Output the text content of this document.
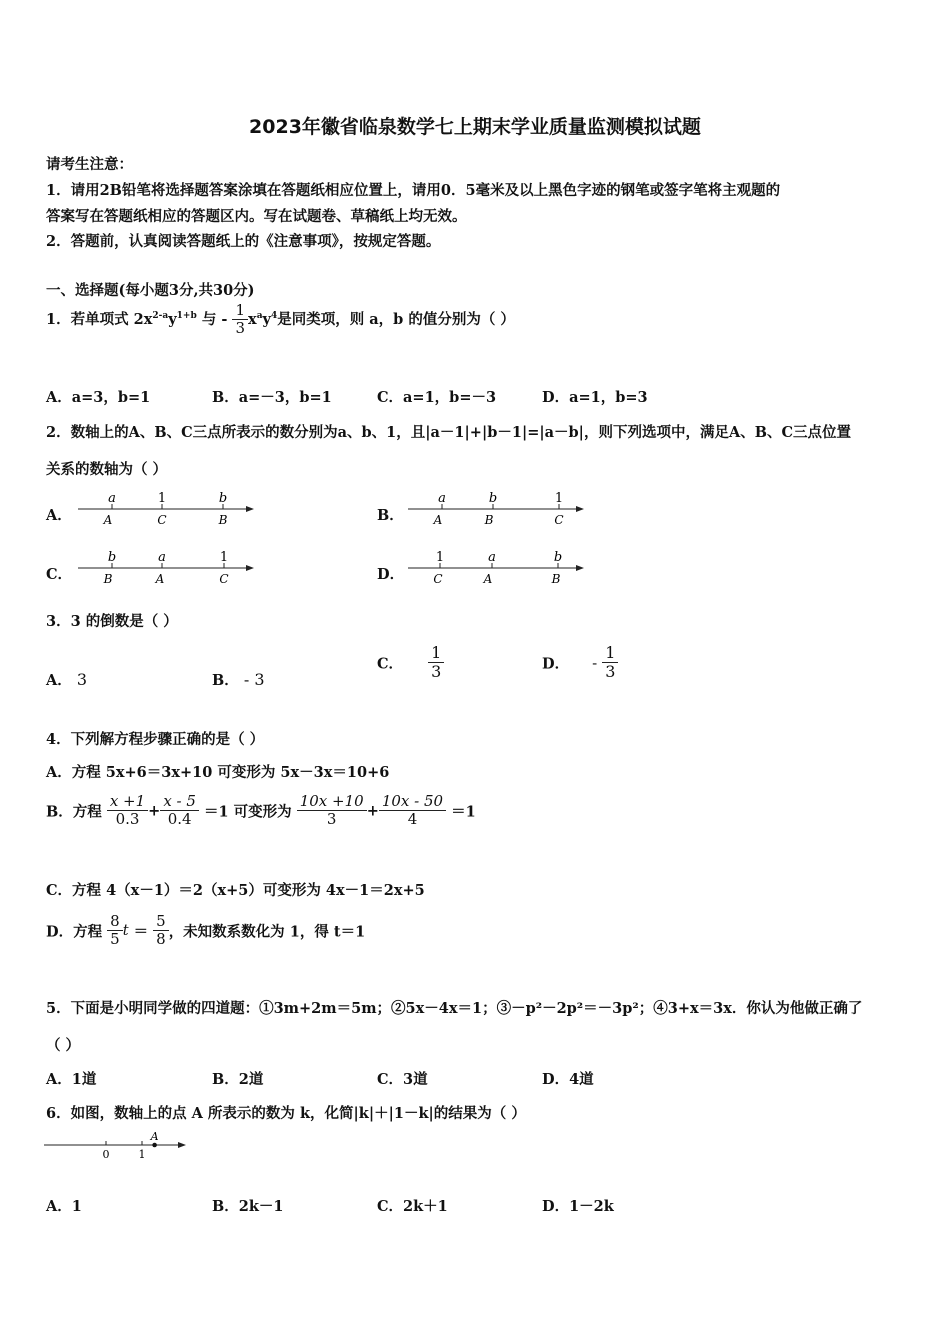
2023年徽省临泉数学七上期末学业质量监测模拟试题
请考生注意：
1．请用2B铅笔将选择题答案涂填在答题纸相应位置上，请用0．5毫米及以上黑色字迹的钢笔或签字笔将主观题的
答案写在答题纸相应的答题区内。写在试题卷、草稿纸上均无效。
2．答题前，认真阅读答题纸上的《注意事项》，按规定答题。
一、选择题(每小题3分,共30分)
1．若单项式 $2x^{2-a}y^{1+b}$ 与 - $\frac{1}{3} x^ay^4$是同类项，则 a，b 的值分别为（ ）
A．a=3，b=1	B．a=－3，b=1	C．a=1，b=－3	D．a=1，b=3
2．数轴上的A、B、C三点所表示的数分别为a、b、1，且|a－1|+|b－1|=|a－b|，则下列选项中，满足A、B、C三点位置
关系的数轴为（ ）
A．	B．
C．	D．
a	1	b
A	C	B
a	b	1
A	B	C
b	a	1
B	A	C
1	a	b
C	A	B
3．3 的倒数是（ ）
A． 3	B． - 3
C． $\frac{1}{3}$	D． - $\frac{1}{3}$
4．下列解方程步骤正确的是（ ）
A．方程 5x+6＝3x+10 可变形为 5x－3x＝10+6
B．方程 $\frac{x +1}{0.3} + \frac{x - 5}{0.4} =1$ 可变形为 $\frac{10x +10}{3} + \frac{10x - 50}{4} =1$
C．方程 4（x－1）＝2（x+5）可变形为 4x－1＝2x+5
D．方程 $\frac{8}{5}$ $t = \frac{5}{8}$ ，未知数系数化为 1，得 t＝1
5．下面是小明同学做的四道题：①3m+2m＝5m；②5x－4x＝1；③－p²－2p²＝－3p²；④3+x＝3x．你认为他做正确了
（ ）
A．1道	B．2道	C．3道	D．4道
6．如图，数轴上的点 A 所表示的数为 k，化简|k|＋|1－k|的结果为（ ）
0	1
A
A．1	B．2k－1	C．2k＋1	D．1－2k
